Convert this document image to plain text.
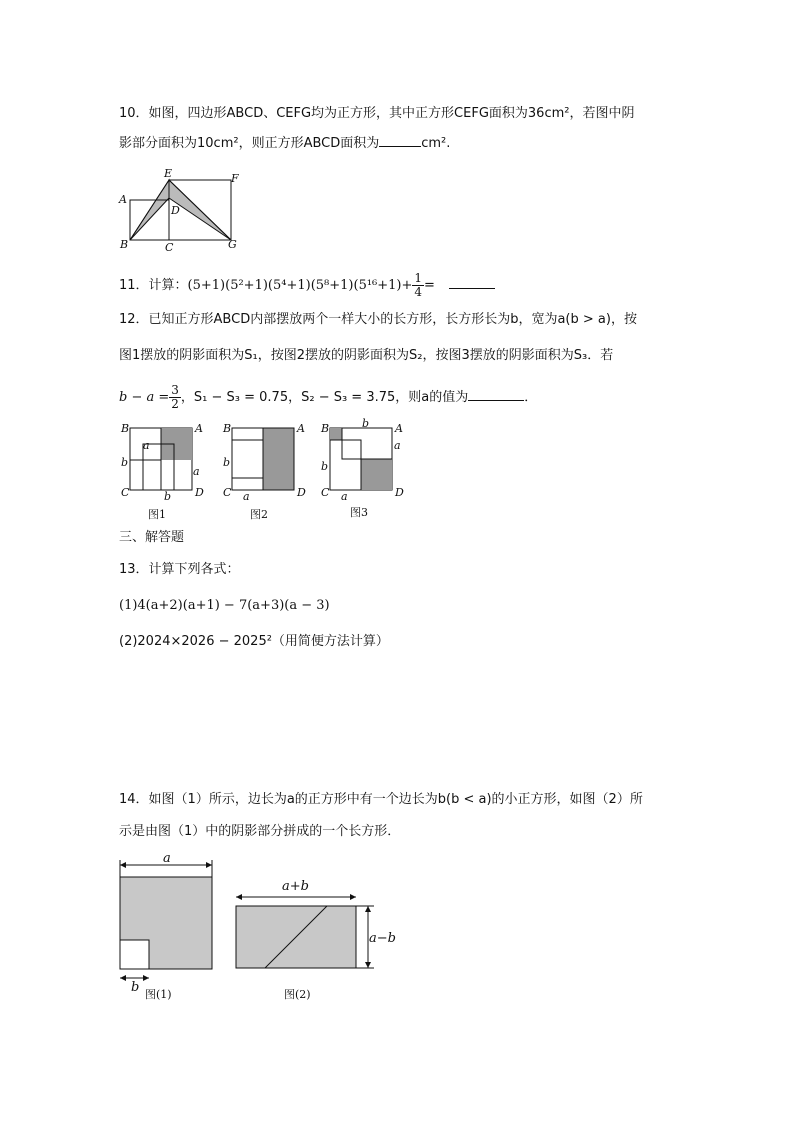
10．如图，四边形ABCD、CEFG均为正方形，其中正方形CEFG面积为36cm²，若图中阴
影部分面积为10cm²，则正方形ABCD面积为	cm².
A
B	C
D
E	F
G
11．计算：$(5+1)(5^2+1)(5^4+1)(5^8+1)(5^{16}+1)+ \frac{1}{4}$ =
12．已知正方形ABCD内部摆放两个一样大小的长方形，长方形长为b，宽为a(b > a)，按
图1摆放的阴影面积为S₁，按图2摆放的阴影面积为S₂，按图3摆放的阴影面积为S₃．若
$b - a = \frac{3}{2}$ ，S₁ − S₃ = 0.75，S₂ − S₃ = 3.75，则a的值为	．
B	A
C	D
a
b
a
b
图1
B	A
C	D
b
a
图2
B	A
C	D
b
a
b
a
图3
三、解答题
13．计算下列各式：
(1)4(a+2)(a+1) − 7(a+3)(a − 3)
(2)2024×2026 − 2025²（用简便方法计算）
14．如图（1）所示，边长为a的正方形中有一个边长为b(b < a)的小正方形，如图（2）所
示是由图（1）中的阴影部分拼成的一个长方形．
a
b 图(1)
a+b
a−b
图(2)
